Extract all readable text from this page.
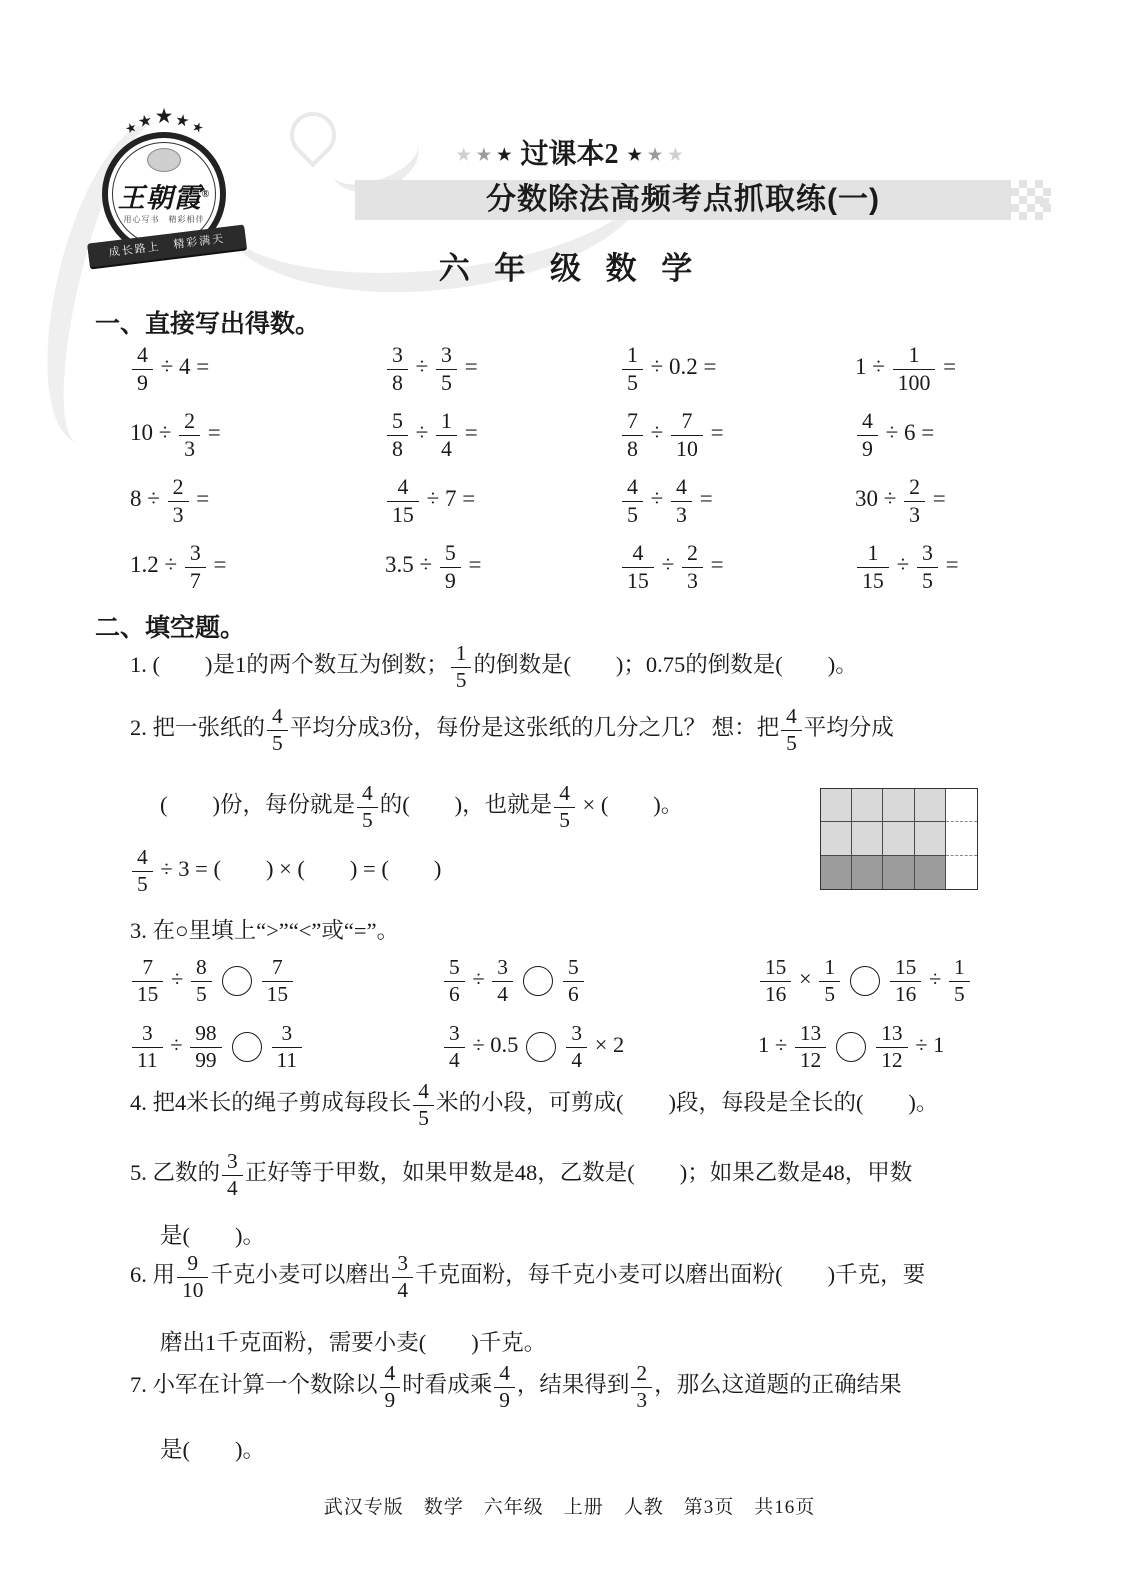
★★★★★
王朝霞®
用心写书　精彩相伴
成长路上　精彩满天
★ ★ ★ 过课本2 ★ ★ ★
分数除法高频考点抓取练(一)
六 年 级 数 学
一、直接写出得数。
$\frac{4}{9} \div 4$ =	$\frac{3}{8} \div \frac{3}{5}$ =	$\frac{1}{5} \div 0.2$ =	$1 \div \frac{1}{100}$ =
$10 \div \frac{2}{3}$ =	$\frac{5}{8} \div \frac{1}{4}$ =	$\frac{7}{8} \div \frac{7}{10}$ =	$\frac{4}{9} \div 6$ =
$8 \div \frac{2}{3}$ =	$\frac{4}{15} \div 7$ =	$\frac{4}{5} \div \frac{4}{3}$ =	$30 \div \frac{2}{3}$ =
$1.2 \div \frac{3}{7}$ =	$3.5 \div \frac{5}{9}$ =	$\frac{4}{15} \div \frac{2}{3}$ =	$\frac{1}{15} \div \frac{3}{5}$ =
二、填空题。
1. (　　)是1的两个数互为倒数； $\frac{1}{5}$ 的倒数是(　　)；0.75的倒数是(　　)。
2. 把一张纸的 $\frac{4}{5}$ 平均分成3份，每份是这张纸的几分之几？ 想：把 $\frac{4}{5}$ 平均分成
(　　)份，每份就是 $\frac{4}{5}$ 的(　　)，也就是 $\frac{4}{5}$ × (　　)。
$\frac{4}{5} \div 3$ = (　　) × (　　) = (　　)
3. 在○里填上“>”“<”或“=”。
$\frac{7}{15} \div \frac{8}{5} \frac{7}{15}$	$\frac{5}{6} \div \frac{3}{4} \frac{5}{6}$	$\frac{15}{16} \times \frac{1}{5} \frac{15}{16} \div \frac{1}{5}$
$\frac{3}{11} \div \frac{98}{99} \frac{3}{11}$	$\frac{3}{4} \div 0.5 \frac{3}{4} \times 2$	$1 \div \frac{13}{12} \frac{13}{12} \div 1$
4. 把4米长的绳子剪成每段长 $\frac{4}{5}$ 米的小段，可剪成(　　)段，每段是全长的(　　)。
5. 乙数的 $\frac{3}{4}$ 正好等于甲数，如果甲数是48，乙数是(　　)；如果乙数是48，甲数
是(　　)。
6. 用 $\frac{9}{10}$ 千克小麦可以磨出 $\frac{3}{4}$ 千克面粉，每千克小麦可以磨出面粉(　　)千克，要
磨出1千克面粉，需要小麦(　　)千克。
7. 小军在计算一个数除以 $\frac{4}{9}$ 时看成乘 $\frac{4}{9}$ ，结果得到 $\frac{2}{3}$ ，那么这道题的正确结果
是(　　)。
武汉专版　数学　六年级　上册　人教　第3页　共16页
